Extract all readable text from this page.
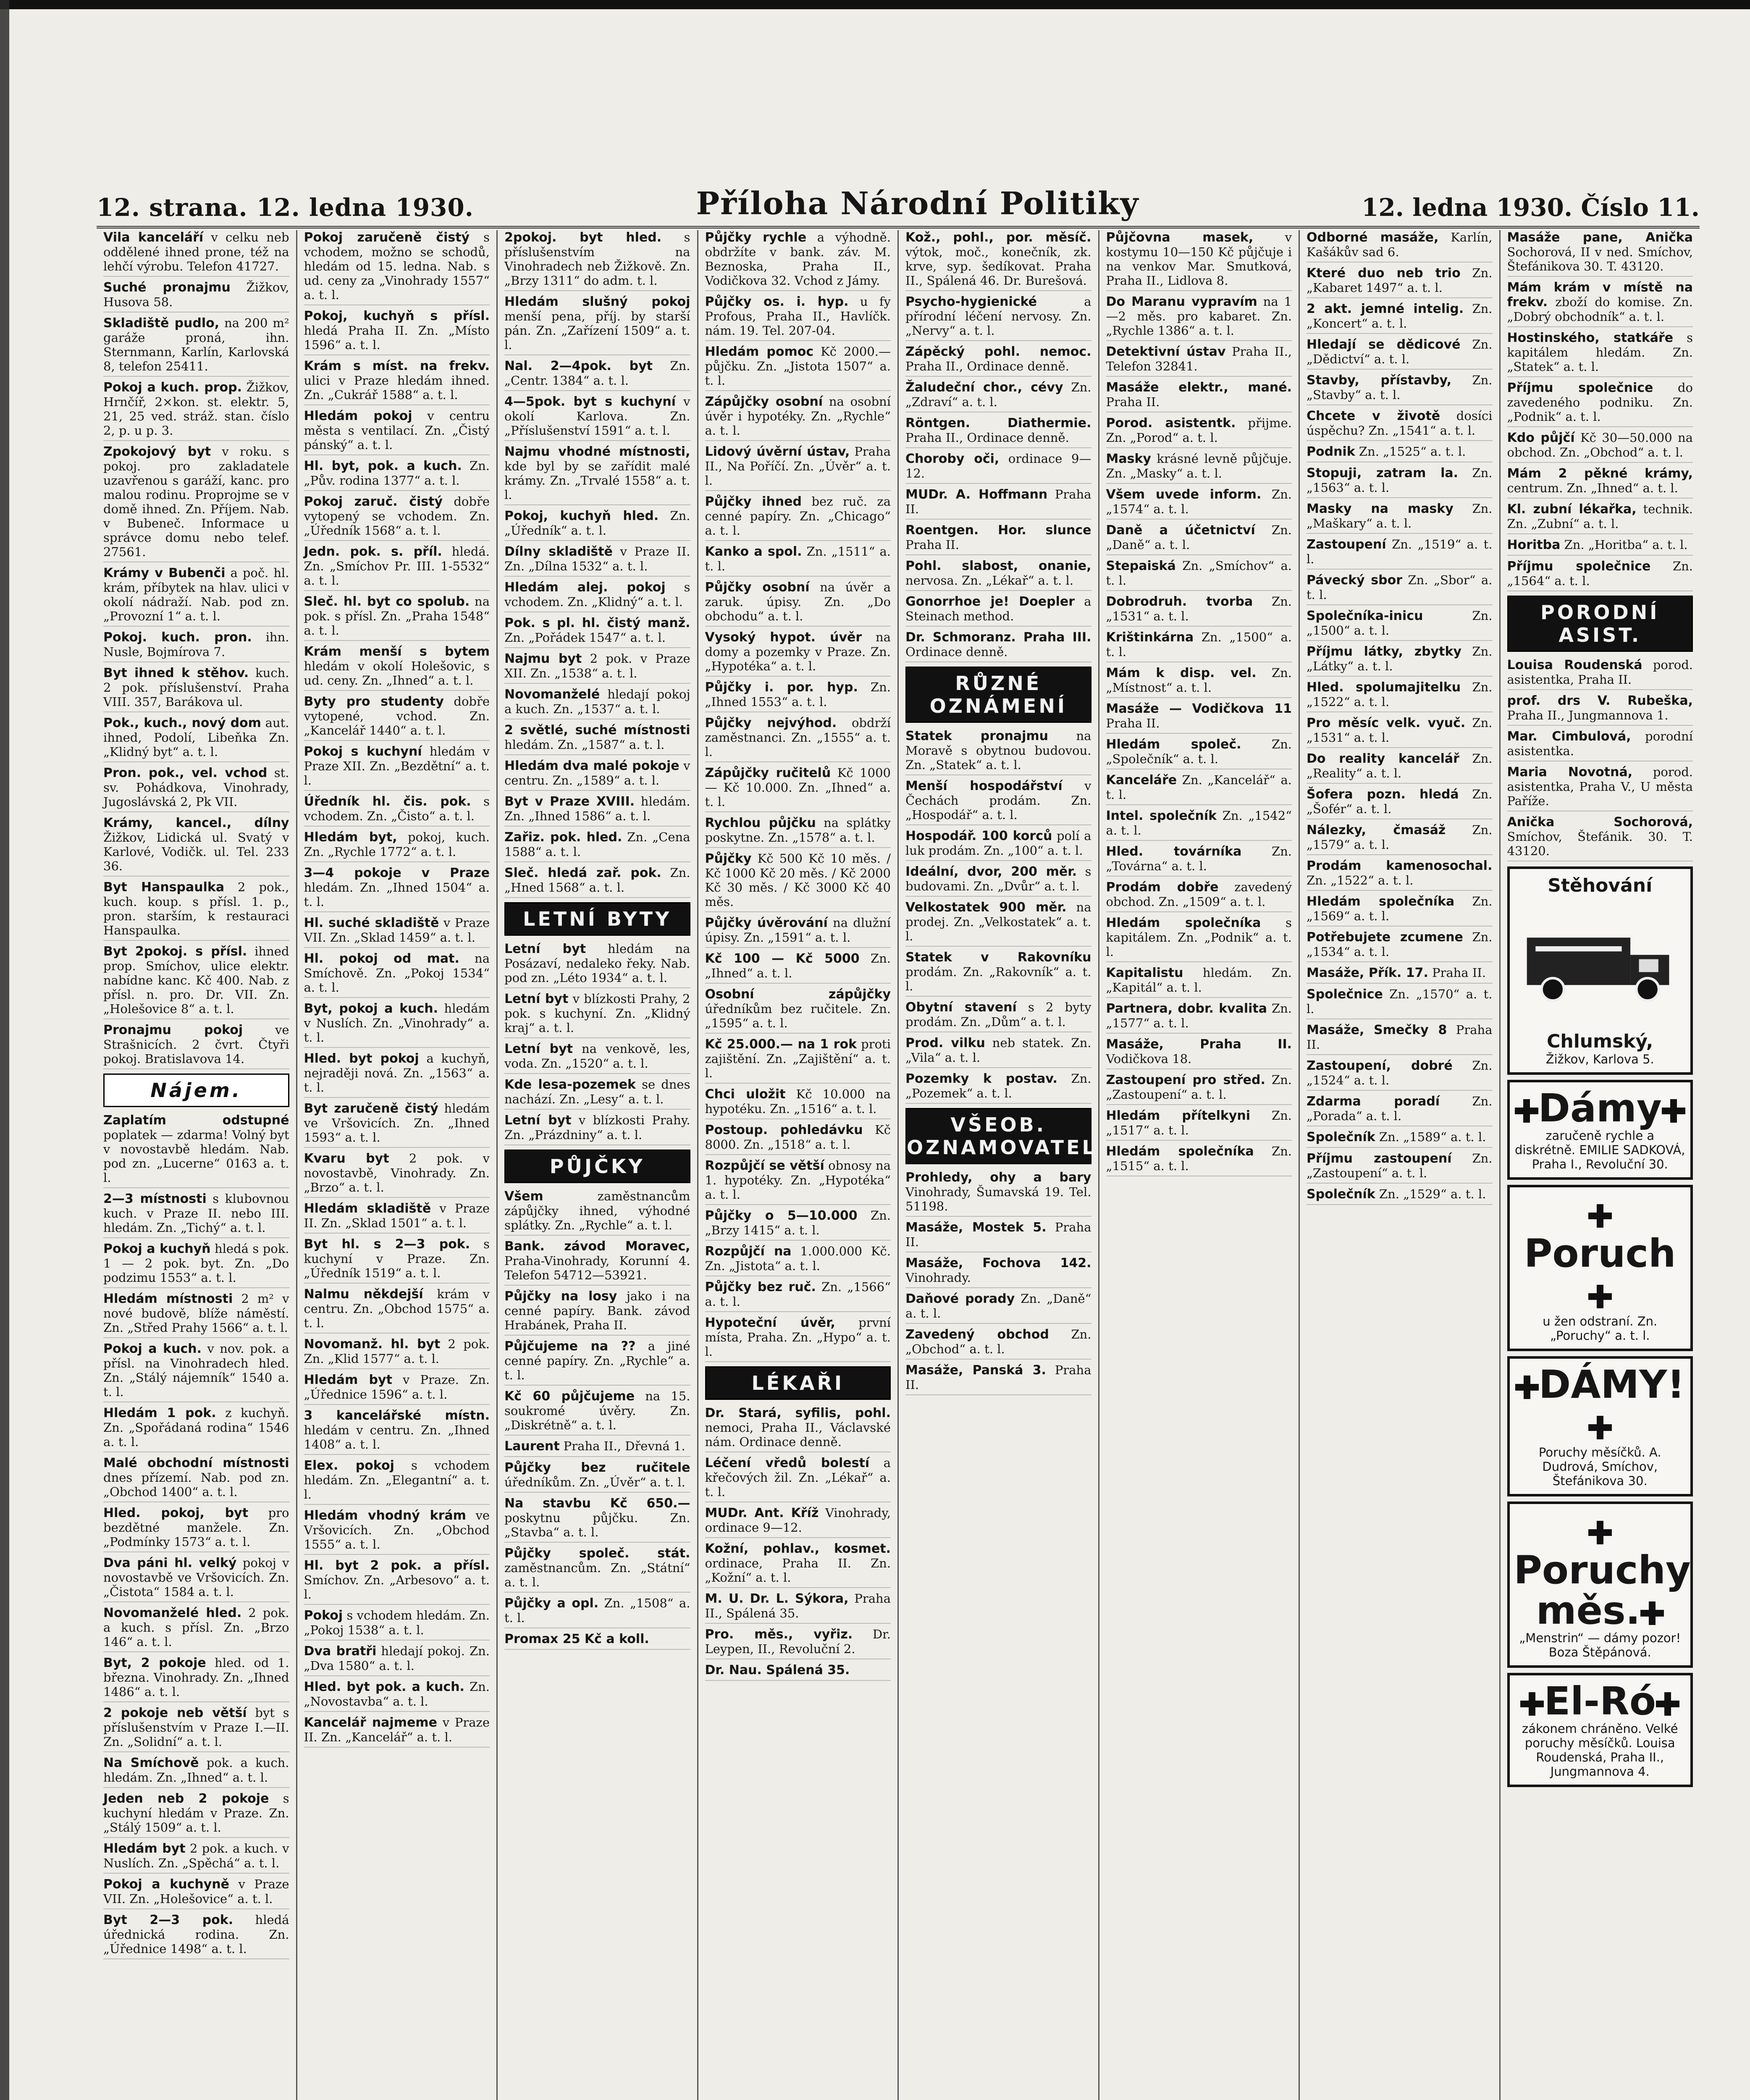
12. strana. 12. ledna 1930.	Příloha Národní Politiky	12. ledna 1930. Číslo 11.

Vila kanceláří v celku neb oddělené ihned prone, též na lehčí výrobu. Telefon 41727.

Suché pronajmu Žižkov, Husova 58.

Skladiště pudlo, na 200 m² garáže proná, ihn. Sternmann, Karlín, Karlovská 8, telefon 25411.

Pokoj a kuch. prop. Žižkov, Hrnčíř, 2×kon. st. elektr. 5, 21, 25 ved. stráž. stan. číslo 2, p. u p. 3.

Zpokojový byt v roku. s pokoj. pro zakladatele uzavřenou s garáží, kanc. pro malou rodinu. Proprojme se v domě ihned. Zn. Příjem. Nab. v Bubeneč. Informace u správce domu nebo telef. 27561.

Krámy v Bubenči a poč. hl. krám, příbytek na hlav. ulici v okolí nádraží. Nab. pod zn. „Provozní 1“ a. t. l.

Pokoj. kuch. pron. ihn. Nusle, Bojmírova 7.

Byt ihned k stěhov. kuch. 2 pok. příslušenství. Praha VIII. 357, Barákova ul.

Pok., kuch., nový dom aut. ihned, Podolí, Libeňka Zn. „Klidný byt“ a. t. l.

Pron. pok., vel. vchod st. sv. Pohádkova, Vinohrady, Jugoslávská 2, Pk VII.

Krámy, kancel., dílny Žižkov, Lidická ul. Svatý v Karlové, Vodičk. ul. Tel. 233 36.

Byt Hanspaulka 2 pok., kuch. koup. s přísl. 1. p., pron. starším, k restauraci Hanspaulka.

Byt 2pokoj. s přísl. ihned prop. Smíchov, ulice elektr. nabídne kanc. Kč 400. Nab. z přísl. n. pro. Dr. VII. Zn. „Holešovice 8“ a. t. l.

Pronajmu pokoj ve Strašnicích. 2 čvrt. Čtyři pokoj. Bratislavova 14.

Nájem.

Zaplatím odstupné poplatek — zdarma! Volný byt v novostavbě hledám. Nab. pod zn. „Lucerne“ 0163 a. t. l.

2—3 místnosti s klubovnou kuch. v Praze II. nebo III. hledám. Zn. „Tichý“ a. t. l.

Pokoj a kuchyň hledá s pok. 1 — 2 pok. byt. Zn. „Do podzimu 1553“ a. t. l.

Hledám místnosti 2 m² v nové budově, blíže náměstí. Zn. „Střed Prahy 1566“ a. t. l.

Pokoj a kuch. v nov. pok. a přísl. na Vinohradech hled. Zn. „Stálý nájemník“ 1540 a. t. l.

Hledám 1 pok. z kuchyň. Zn. „Spořádaná rodina“ 1546 a. t. l.

Malé obchodní místnosti dnes přízemí. Nab. pod zn. „Obchod 1400“ a. t. l.

Hled. pokoj, byt pro bezdětné manžele. Zn. „Podmínky 1573“ a. t. l.

Dva páni hl. velký pokoj v novostavbě ve Vršovicích. Zn. „Čistota“ 1584 a. t. l.

Novomanželé hled. 2 pok. a kuch. s přísl. Zn. „Brzo 146“ a. t. l.

Byt, 2 pokoje hled. od 1. března. Vinohrady. Zn. „Ihned 1486“ a. t. l.

2 pokoje neb větší byt s příslušenstvím v Praze I.—II. Zn. „Solidní“ a. t. l.

Na Smíchově pok. a kuch. hledám. Zn. „Ihned“ a. t. l.

Jeden neb 2 pokoje s kuchyní hledám v Praze. Zn. „Stálý 1509“ a. t. l.

Hledám byt 2 pok. a kuch. v Nuslích. Zn. „Spěchá“ a. t. l.

Pokoj a kuchyně v Praze VII. Zn. „Holešovice“ a. t. l.

Byt 2—3 pok. hledá úřednická rodina. Zn. „Úřednice 1498“ a. t. l.

Pokoj zaručeně čistý s vchodem, možno se schodů, hledám od 15. ledna. Nab. s ud. ceny za „Vinohrady 1557“ a. t. l.

Pokoj, kuchyň s přísl. hledá Praha II. Zn. „Místo 1596“ a. t. l.

Krám s míst. na frekv. ulici v Praze hledám ihned. Zn. „Cukrář 1588“ a. t. l.

Hledám pokoj v centru města s ventilací. Zn. „Čistý pánský“ a. t. l.

Hl. byt, pok. a kuch. Zn. „Pův. rodina 1377“ a. t. l.

Pokoj zaruč. čistý dobře vytopený se vchodem. Zn. „Úředník 1568“ a. t. l.

Jedn. pok. s. příl. hledá. Zn. „Smíchov Pr. III. 1-5532“ a. t. l.

Sleč. hl. byt co spolub. na pok. s přísl. Zn. „Praha 1548“ a. t. l.

Krám menší s bytem hledám v okolí Holešovic, s ud. ceny. Zn. „Ihned“ a. t. l.

Byty pro studenty dobře vytopené, vchod. Zn. „Kancelář 1440“ a. t. l.

Pokoj s kuchyní hledám v Praze XII. Zn. „Bezdětní“ a. t. l.

Úředník hl. čis. pok. s vchodem. Zn. „Čisto“ a. t. l.

Hledám byt, pokoj, kuch. Zn. „Rychle 1772“ a. t. l.

3—4 pokoje v Praze hledám. Zn. „Ihned 1504“ a. t. l.

Hl. suché skladiště v Praze VII. Zn. „Sklad 1459“ a. t. l.

Hl. pokoj od mat. na Smíchově. Zn. „Pokoj 1534“ a. t. l.

Byt, pokoj a kuch. hledám v Nuslích. Zn. „Vinohrady“ a. t. l.

Hled. byt pokoj a kuchyň, nejraději nová. Zn. „1563“ a. t. l.

Byt zaručeně čistý hledám ve Vršovicích. Zn. „Ihned 1593“ a. t. l.

Kvaru byt 2 pok. v novostavbě, Vinohrady. Zn. „Brzo“ a. t. l.

Hledám skladiště v Praze II. Zn. „Sklad 1501“ a. t. l.

Byt hl. s 2—3 pok. s kuchyní v Praze. Zn. „Úředník 1519“ a. t. l.

Nalmu někdejší krám v centru. Zn. „Obchod 1575“ a. t. l.

Novomanž. hl. byt 2 pok. Zn. „Klid 1577“ a. t. l.

Hledám byt v Praze. Zn. „Úřednice 1596“ a. t. l.

3 kancelářské místn. hledám v centru. Zn. „Ihned 1408“ a. t. l.

Elex. pokoj s vchodem hledám. Zn. „Elegantní“ a. t. l.

Hledám vhodný krám ve Vršovicích. Zn. „Obchod 1555“ a. t. l.

Hl. byt 2 pok. a přísl. Smíchov. Zn. „Arbesovo“ a. t. l.

Pokoj s vchodem hledám. Zn. „Pokoj 1538“ a. t. l.

Dva bratři hledají pokoj. Zn. „Dva 1580“ a. t. l.

Hled. byt pok. a kuch. Zn. „Novostavba“ a. t. l.

Kancelář najmeme v Praze II. Zn. „Kancelář“ a. t. l.

2pokoj. byt hled. s příslušenstvím na Vinohradech neb Žižkově. Zn. „Brzy 1311“ do adm. t. l.

Hledám slušný pokoj menší pena, příj. by starší pán. Zn. „Zařízení 1509“ a. t. l.

Nal. 2—4pok. byt Zn. „Centr. 1384“ a. t. l.

4—5pok. byt s kuchyní v okolí Karlova. Zn. „Příslušenství 1591“ a. t. l.

Najmu vhodné místnosti, kde byl by se zařídit malé krámy. Zn. „Trvalé 1558“ a. t. l.

Pokoj, kuchyň hled. Zn. „Úředník“ a. t. l.

Dílny skladiště v Praze II. Zn. „Dílna 1532“ a. t. l.

Hledám alej. pokoj s vchodem. Zn. „Klidný“ a. t. l.

Pok. s pl. hl. čistý manž. Zn. „Pořádek 1547“ a. t. l.

Najmu byt 2 pok. v Praze XII. Zn. „1538“ a. t. l.

Novomanželé hledají pokoj a kuch. Zn. „1537“ a. t. l.

2 světlé, suché místnosti hledám. Zn. „1587“ a. t. l.

Hledám dva malé pokoje v centru. Zn. „1589“ a. t. l.

Byt v Praze XVIII. hledám. Zn. „Ihned 1586“ a. t. l.

Zařiz. pok. hled. Zn. „Cena 1588“ a. t. l.

Sleč. hledá zař. pok. Zn. „Hned 1568“ a. t. l.

LETNÍ BYTY

Letní byt hledám na Posázaví, nedaleko řeky. Nab. pod zn. „Léto 1934“ a. t. l.

Letní byt v blízkosti Prahy, 2 pok. s kuchyní. Zn. „Klidný kraj“ a. t. l.

Letní byt na venkově, les, voda. Zn. „1520“ a. t. l.

Kde lesa-pozemek se dnes nachází. Zn. „Lesy“ a. t. l.

Letní byt v blízkosti Prahy. Zn. „Prázdniny“ a. t. l.

PŮJČKY

Všem zaměstnancům zápůjčky ihned, výhodné splátky. Zn. „Rychle“ a. t. l.

Bank. závod Moravec, Praha-Vinohrady, Korunní 4. Telefon 54712—53921.

Půjčky na losy jako i na cenné papíry. Bank. závod Hrabánek, Praha II.

Půjčujeme na ?? a jiné cenné papíry. Zn. „Rychle“ a. t. l.

Kč 60 půjčujeme na 15. soukromé úvěry. Zn. „Diskrétně“ a. t. l.

Laurent Praha II., Dřevná 1.

Půjčky bez ručitele úředníkům. Zn. „Úvěr“ a. t. l.

Na stavbu Kč 650.— poskytnu půjčku. Zn. „Stavba“ a. t. l.

Půjčky společ. stát. zaměstnancům. Zn. „Státní“ a. t. l.

Půjčky a opl. Zn. „1508“ a. t. l.

Promax 25 Kč a koll.

Půjčky rychle a výhodně. obdržíte v bank. záv. M. Beznoska, Praha II., Vodičkova 32. Vchod z Jámy.

Půjčky os. i. hyp. u fy Profous, Praha II., Havlíčk. nám. 19. Tel. 207-04.

Hledám pomoc Kč 2000.— půjčku. Zn. „Jistota 1507“ a. t. l.

Zápůjčky osobní na osobní úvěr i hypotéky. Zn. „Rychle“ a. t. l.

Lidový úvěrní ústav, Praha II., Na Poříčí. Zn. „Úvěr“ a. t. l.

Půjčky ihned bez ruč. za cenné papíry. Zn. „Chicago“ a. t. l.

Kanko a spol. Zn. „1511“ a. t. l.

Půjčky osobní na úvěr a zaruk. úpisy. Zn. „Do obchodu“ a. t. l.

Vysoký hypot. úvěr na domy a pozemky v Praze. Zn. „Hypotéka“ a. t. l.

Půjčky i. por. hyp. Zn. „Ihned 1553“ a. t. l.

Půjčky nejvýhod. obdrží zaměstnanci. Zn. „1555“ a. t. l.

Zápůjčky ručitelů Kč 1000 — Kč 10.000. Zn. „Ihned“ a. t. l.

Rychlou půjčku na splátky poskytne. Zn. „1578“ a. t. l.

Půjčky Kč 500 Kč 10 měs. / Kč 1000 Kč 20 měs. / Kč 2000 Kč 30 měs. / Kč 3000 Kč 40 měs.

Půjčky úvěrování na dlužní úpisy. Zn. „1591“ a. t. l.

Kč 100 — Kč 5000 Zn. „Ihned“ a. t. l.

Osobní zápůjčky úředníkům bez ručitele. Zn. „1595“ a. t. l.

Kč 25.000.— na 1 rok proti zajištění. Zn. „Zajištění“ a. t. l.

Chci uložit Kč 10.000 na hypotéku. Zn. „1516“ a. t. l.

Postoup. pohledávku Kč 8000. Zn. „1518“ a. t. l.

Rozpůjčí se větší obnosy na 1. hypotéky. Zn. „Hypotéka“ a. t. l.

Půjčky o 5—10.000 Zn. „Brzy 1415“ a. t. l.

Rozpůjčí na 1.000.000 Kč. Zn. „Jistota“ a. t. l.

Půjčky bez ruč. Zn. „1566“ a. t. l.

Hypoteční úvěr, první místa, Praha. Zn. „Hypo“ a. t. l.

LÉKAŘI

Dr. Stará, syfilis, pohl. nemoci, Praha II., Václavské nám. Ordinace denně.

Léčení vředů bolestí a křečových žil. Zn. „Lékař“ a. t. l.

MUDr. Ant. Kříž Vinohrady, ordinace 9—12.

Kožní, pohlav., kosmet. ordinace, Praha II. Zn. „Kožní“ a. t. l.

M. U. Dr. L. Sýkora, Praha II., Spálená 35.

Pro. měs., vyřiz. Dr. Leypen, II., Revoluční 2.

Dr. Nau. Spálená 35.

Kož., pohl., por. měsíč. výtok, moč., konečník, zk. krve, syp. šedíkovat. Praha II., Spálená 46. Dr. Burešová.

Psycho-hygienické a přírodní léčení nervosy. Zn. „Nervy“ a. t. l.

Zápěcký pohl. nemoc. Praha II., Ordinace denně.

Žaludeční chor., cévy Zn. „Zdraví“ a. t. l.

Röntgen. Diathermie. Praha II., Ordinace denně.

Choroby oči, ordinace 9—12.

MUDr. A. Hoffmann Praha II.

Roentgen. Hor. slunce Praha II.

Pohl. slabost, onanie, nervosa. Zn. „Lékař“ a. t. l.

Gonorrhoe je! Doepler a Steinach method.

Dr. Schmoranz. Praha III. Ordinace denně.

RŮZNÉ OZNÁMENÍ

Statek pronajmu na Moravě s obytnou budovou. Zn. „Statek“ a. t. l.

Menší hospodářství v Čechách prodám. Zn. „Hospodář“ a. t. l.

Hospodář. 100 korců polí a luk prodám. Zn. „100“ a. t. l.

Ideální, dvor, 200 měr. s budovami. Zn. „Dvůr“ a. t. l.

Velkostatek 900 měr. na prodej. Zn. „Velkostatek“ a. t. l.

Statek v Rakovníku prodám. Zn. „Rakovník“ a. t. l.

Obytní stavení s 2 byty prodám. Zn. „Dům“ a. t. l.

Prod. vilku neb statek. Zn. „Vila“ a. t. l.

Pozemky k postav. Zn. „Pozemek“ a. t. l.

VŠEOB. OZNAMOVATEL

Prohledy, ohy a bary Vinohrady, Šumavská 19. Tel. 51198.

Masáže, Mostek 5. Praha II.

Masáže, Fochova 142. Vinohrady.

Daňové porady Zn. „Daně“ a. t. l.

Zavedený obchod Zn. „Obchod“ a. t. l.

Masáže, Panská 3. Praha II.

Půjčovna masek, v kostymu 10—150 Kč půjčuje i na venkov Mar. Smutková, Praha II., Lidlova 8.

Do Maranu vypravím na 1—2 měs. pro kabaret. Zn. „Rychle 1386“ a. t. l.

Detektivní ústav Praha II., Telefon 32841.

Masáže elektr., mané. Praha II.

Porod. asistentk. přijme. Zn. „Porod“ a. t. l.

Masky krásné levně půjčuje. Zn. „Masky“ a. t. l.

Všem uvede inform. Zn. „1574“ a. t. l.

Daně a účetnictví Zn. „Daně“ a. t. l.

Stepaiská Zn. „Smíchov“ a. t. l.

Dobrodruh. tvorba Zn. „1531“ a. t. l.

Krištinkárna Zn. „1500“ a. t. l.

Mám k disp. vel. Zn. „Místnost“ a. t. l.

Masáže — Vodičkova 11 Praha II.

Hledám společ. Zn. „Společník“ a. t. l.

Kanceláře Zn. „Kancelář“ a. t. l.

Intel. společník Zn. „1542“ a. t. l.

Hled. továrníka Zn. „Továrna“ a. t. l.

Prodám dobře zavedený obchod. Zn. „1509“ a. t. l.

Hledám společníka s kapitálem. Zn. „Podnik“ a. t. l.

Kapitalistu hledám. Zn. „Kapitál“ a. t. l.

Partnera, dobr. kvalita Zn. „1577“ a. t. l.

Masáže, Praha II. Vodičkova 18.

Zastoupení pro střed. Zn. „Zastoupení“ a. t. l.

Hledám přítelkyni Zn. „1517“ a. t. l.

Hledám společníka Zn. „1515“ a. t. l.

Odborné masáže, Karlín, Kašákův sad 6.

Které duo neb trio Zn. „Kabaret 1497“ a. t. l.

2 akt. jemné intelig. Zn. „Koncert“ a. t. l.

Hledají se dědicové Zn. „Dědictví“ a. t. l.

Stavby, přístavby, Zn. „Stavby“ a. t. l.

Chcete v životě dosíci úspěchu? Zn. „1541“ a. t. l.

Podnik Zn. „1525“ a. t. l.

Stopuji, zatram la. Zn. „1563“ a. t. l.

Masky na masky Zn. „Maškary“ a. t. l.

Zastoupení Zn. „1519“ a. t. l.

Pávecký sbor Zn. „Sbor“ a. t. l.

Společníka-inicu Zn. „1500“ a. t. l.

Příjmu látky, zbytky Zn. „Látky“ a. t. l.

Hled. spolumajitelku Zn. „1522“ a. t. l.

Pro měsíc velk. vyuč. Zn. „1531“ a. t. l.

Do reality kancelář Zn. „Reality“ a. t. l.

Šofera pozn. hledá Zn. „Šofér“ a. t. l.

Nálezky, čmasáž Zn. „1579“ a. t. l.

Prodám kamenosochal. Zn. „1522“ a. t. l.

Hledám společníka Zn. „1569“ a. t. l.

Potřebujete zcumene Zn. „1534“ a. t. l.

Masáže, Přík. 17. Praha II.

Společnice Zn. „1570“ a. t. l.

Masáže, Smečky 8 Praha II.

Zastoupení, dobré Zn. „1524“ a. t. l.

Zdarma poradí Zn. „Porada“ a. t. l.

Společník Zn. „1589“ a. t. l.

Příjmu zastoupení Zn. „Zastoupení“ a. t. l.

Společník Zn. „1529“ a. t. l.

Masáže pane, Anička Sochorová, II v ned. Smíchov, Štefánikova 30. T. 43120.

Mám krám v místě na frekv. zboží do komise. Zn. „Dobrý obchodník“ a. t. l.

Hostinského, statkáře s kapitálem hledám. Zn. „Statek“ a. t. l.

Příjmu společnice do zavedeného podniku. Zn. „Podnik“ a. t. l.

Kdo půjčí Kč 30—50.000 na obchod. Zn. „Obchod“ a. t. l.

Mám 2 pěkné krámy, centrum. Zn. „Ihned“ a. t. l.

Kl. zubní lékařka, technik. Zn. „Zubní“ a. t. l.

Horitba Zn. „Horitba“ a. t. l.

Příjmu společnice Zn. „1564“ a. t. l.

PORODNÍ ASIST.

Louisa Roudenská porod. asistentka, Praha II.

prof. drs V. Rubeška, Praha II., Jungmannova 1.

Mar. Cimbulová, porodní asistentka.

Maria Novotná, porod. asistentka, Praha V., U města Paříže.

Anička Sochorová, Smíchov, Štefánik. 30. T. 43120.

Stěhování
Chlumský,
Žižkov, Karlova 5.
Dámy
zaručeně rychle a diskrétně. EMILIE SADKOVÁ, Praha I., Revoluční 30.
Poruch
u žen odstraní. Zn. „Poruchy“ a. t. l.
DÁMY!
Poruchy měsíčků. A. Dudrová, Smíchov, Štefánikova 30.
Poruchy měs.
„Menstrin“ — dámy pozor! Boza Štěpánová.
El-Ró
zákonem chráněno. Velké poruchy měsíčků. Louisa Roudenská, Praha II., Jungmannova 4.
